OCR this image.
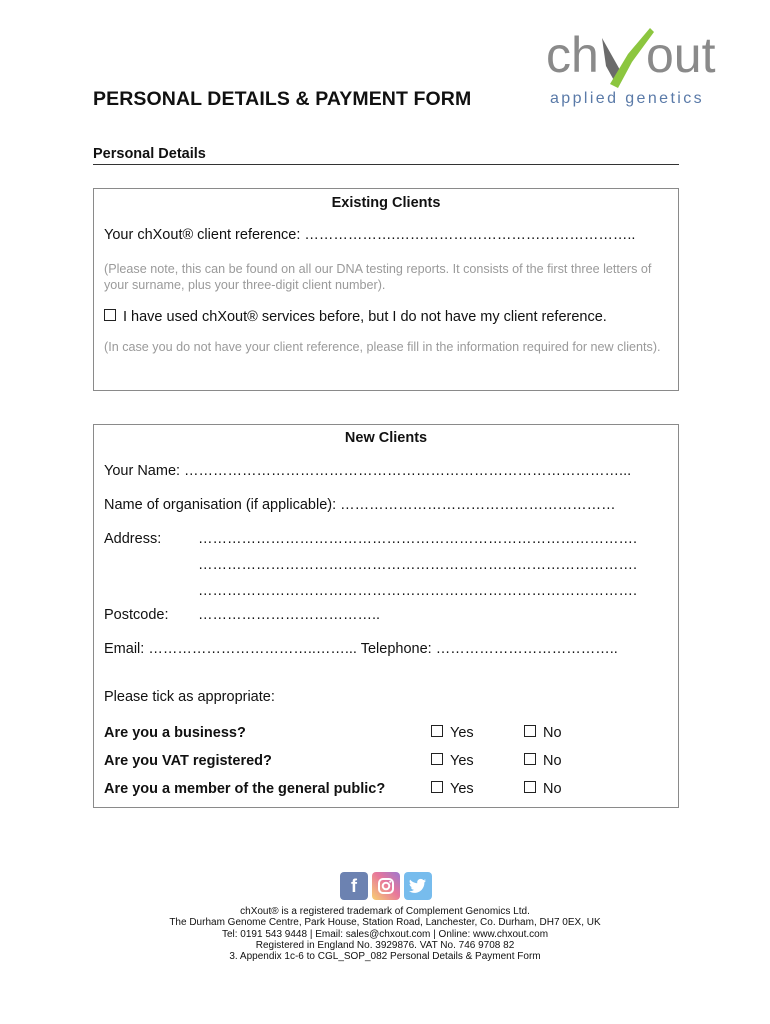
ch out
applied genetics
PERSONAL DETAILS & PAYMENT FORM
Personal Details
Existing Clients
Your chXout® client reference: ……………….…………………………………………..
(Please note, this can be found on all our DNA testing reports. It consists of the first three letters of your surname, plus your three-digit client number).
I have used chXout® services before, but I do not have my client reference.
(In case you do not have your client reference, please fill in the information required for new clients).
New Clients
Your Name: ………………………………………………………………………………...
Name of organisation (if applicable): …………………………………………………
Address:	……………………………………………………………………………….
……………………………………………………………………………….
……………………………………………………………………………….
Postcode: ………………………………..
Email: ……………………………..……... Telephone: ………………………………..
Please tick as appropriate:
Are you a business?	Yes	No
Are you VAT registered?	Yes	No
Are you a member of the general public?	Yes	No
f
chXout® is a registered trademark of Complement Genomics Ltd.
The Durham Genome Centre, Park House, Station Road, Lanchester, Co. Durham, DH7 0EX, UK
Tel: 0191 543 9448 | Email: sales@chxout.com | Online: www.chxout.com
Registered in England No. 3929876. VAT No. 746 9708 82
3. Appendix 1c-6 to CGL_SOP_082 Personal Details & Payment Form
